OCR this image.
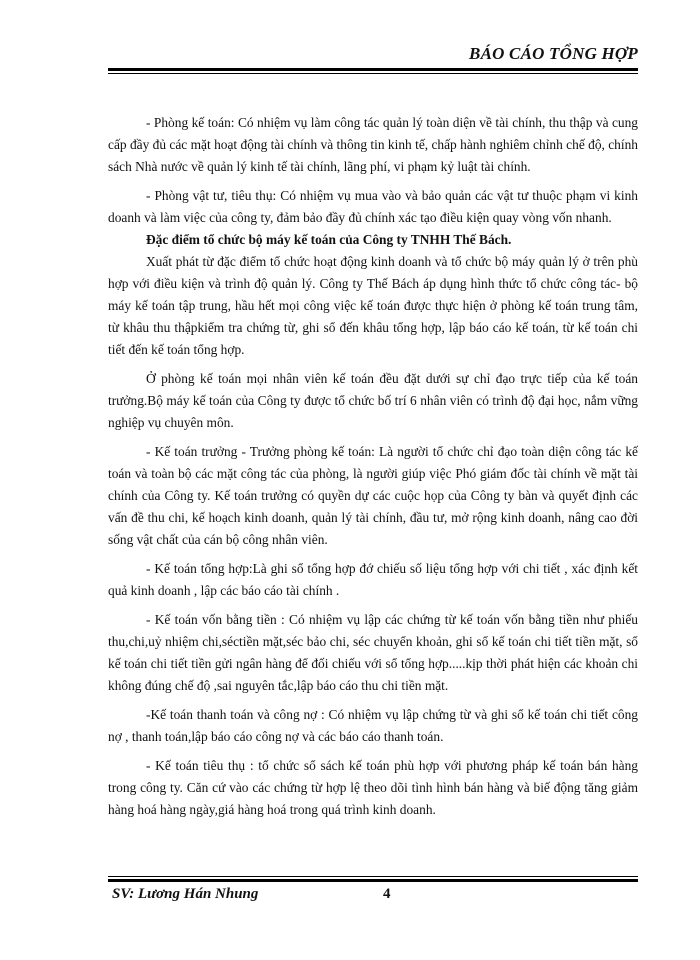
BÁO CÁO TỔNG HỢP

- Phòng kế toán: Có nhiệm vụ làm công tác quản lý toàn diện về tài chính, thu thập và cung cấp đầy đủ các mặt hoạt động tài chính và thông tin kinh tế, chấp hành nghiêm chỉnh chế độ, chính sách Nhà nước về quản lý kinh tế tài chính, lãng phí, vi phạm kỷ luật tài chính.

- Phòng vật tư, tiêu thụ: Có nhiệm vụ mua vào và bảo quản các vật tư thuộc phạm vi kinh doanh và làm việc của công ty, đảm bảo đầy đủ chính xác tạo điều kiện quay vòng vốn nhanh.

Đặc điểm tổ chức bộ máy kế toán của Công ty TNHH Thế Bách.

Xuất phát từ đặc điểm tổ chức hoạt động kinh doanh và tổ chức bộ máy quản lý ở trên phù hợp với điều kiện và trình độ quản lý. Công ty Thế Bách áp dụng hình thức tổ chức công tác- bộ máy kế toán tập trung, hầu hết mọi công việc kế toán được thực hiện ở phòng kế toán trung tâm, từ khâu thu thậpkiểm tra chứng từ, ghi sổ đến khâu tổng hợp, lập báo cáo kế toán, từ kế toán chi tiết đến kế toán tổng hợp.

Ở phòng kế toán mọi nhân viên kế toán đều đặt dưới sự chỉ đạo trực tiếp của kế toán trưởng.Bộ máy kế toán của Công ty được tổ chức bố trí 6 nhân viên có trình độ đại học, nắm vững nghiệp vụ chuyên môn.

- Kế toán trưởng - Trưởng phòng kế toán: Là người tổ chức chỉ đạo toàn diện công tác kế toán và toàn bộ các mặt công tác của phòng, là người giúp việc Phó giám đốc tài chính về mặt tài chính của Công ty. Kế toán trưởng có quyền dự các cuộc họp của Công ty bàn và quyết định các vấn đề thu chi, kế hoạch kinh doanh, quản lý tài chính, đầu tư, mở rộng kinh doanh, nâng cao đời sống vật chất của cán bộ công nhân viên.

- Kế toán tổng hợp:Là ghi sổ tổng hợp đớ chiếu số liệu tổng hợp với chi tiết , xác định kết quả kinh doanh , lập các báo cáo tài chính .

- Kế toán vốn bằng tiền : Có nhiệm vụ lập các chứng từ kế toán vốn bằng tiền như phiếu thu,chi,uỷ nhiệm chi,séctiền mặt,séc bảo chi, séc chuyển khoản, ghi sổ kế toán chi tiết tiền mặt, sổ kế toán chi tiết tiền gửi ngân hàng để đối chiếu với sổ tổng hợp.....kịp thời phát hiện các khoản chi không đúng chế độ ,sai nguyên tắc,lập báo cáo thu chi tiền mặt.

-Kế toán thanh toán và công nợ : Có nhiệm vụ lập chứng từ và ghi sổ kế toán chi tiết công nợ , thanh toán,lập báo cáo công nợ và các báo cáo thanh toán.

- Kế toán tiêu thụ : tổ chức sổ sách kế toán phù hợp với phương pháp kế toán bán hàng trong công ty. Căn cứ vào các chứng từ hợp lệ theo dõi tình hình bán hàng và biế động tăng giảm hàng hoá hàng ngày,giá hàng hoá trong quá trình kinh doanh.

SV: Lương Hán Nhung	4
